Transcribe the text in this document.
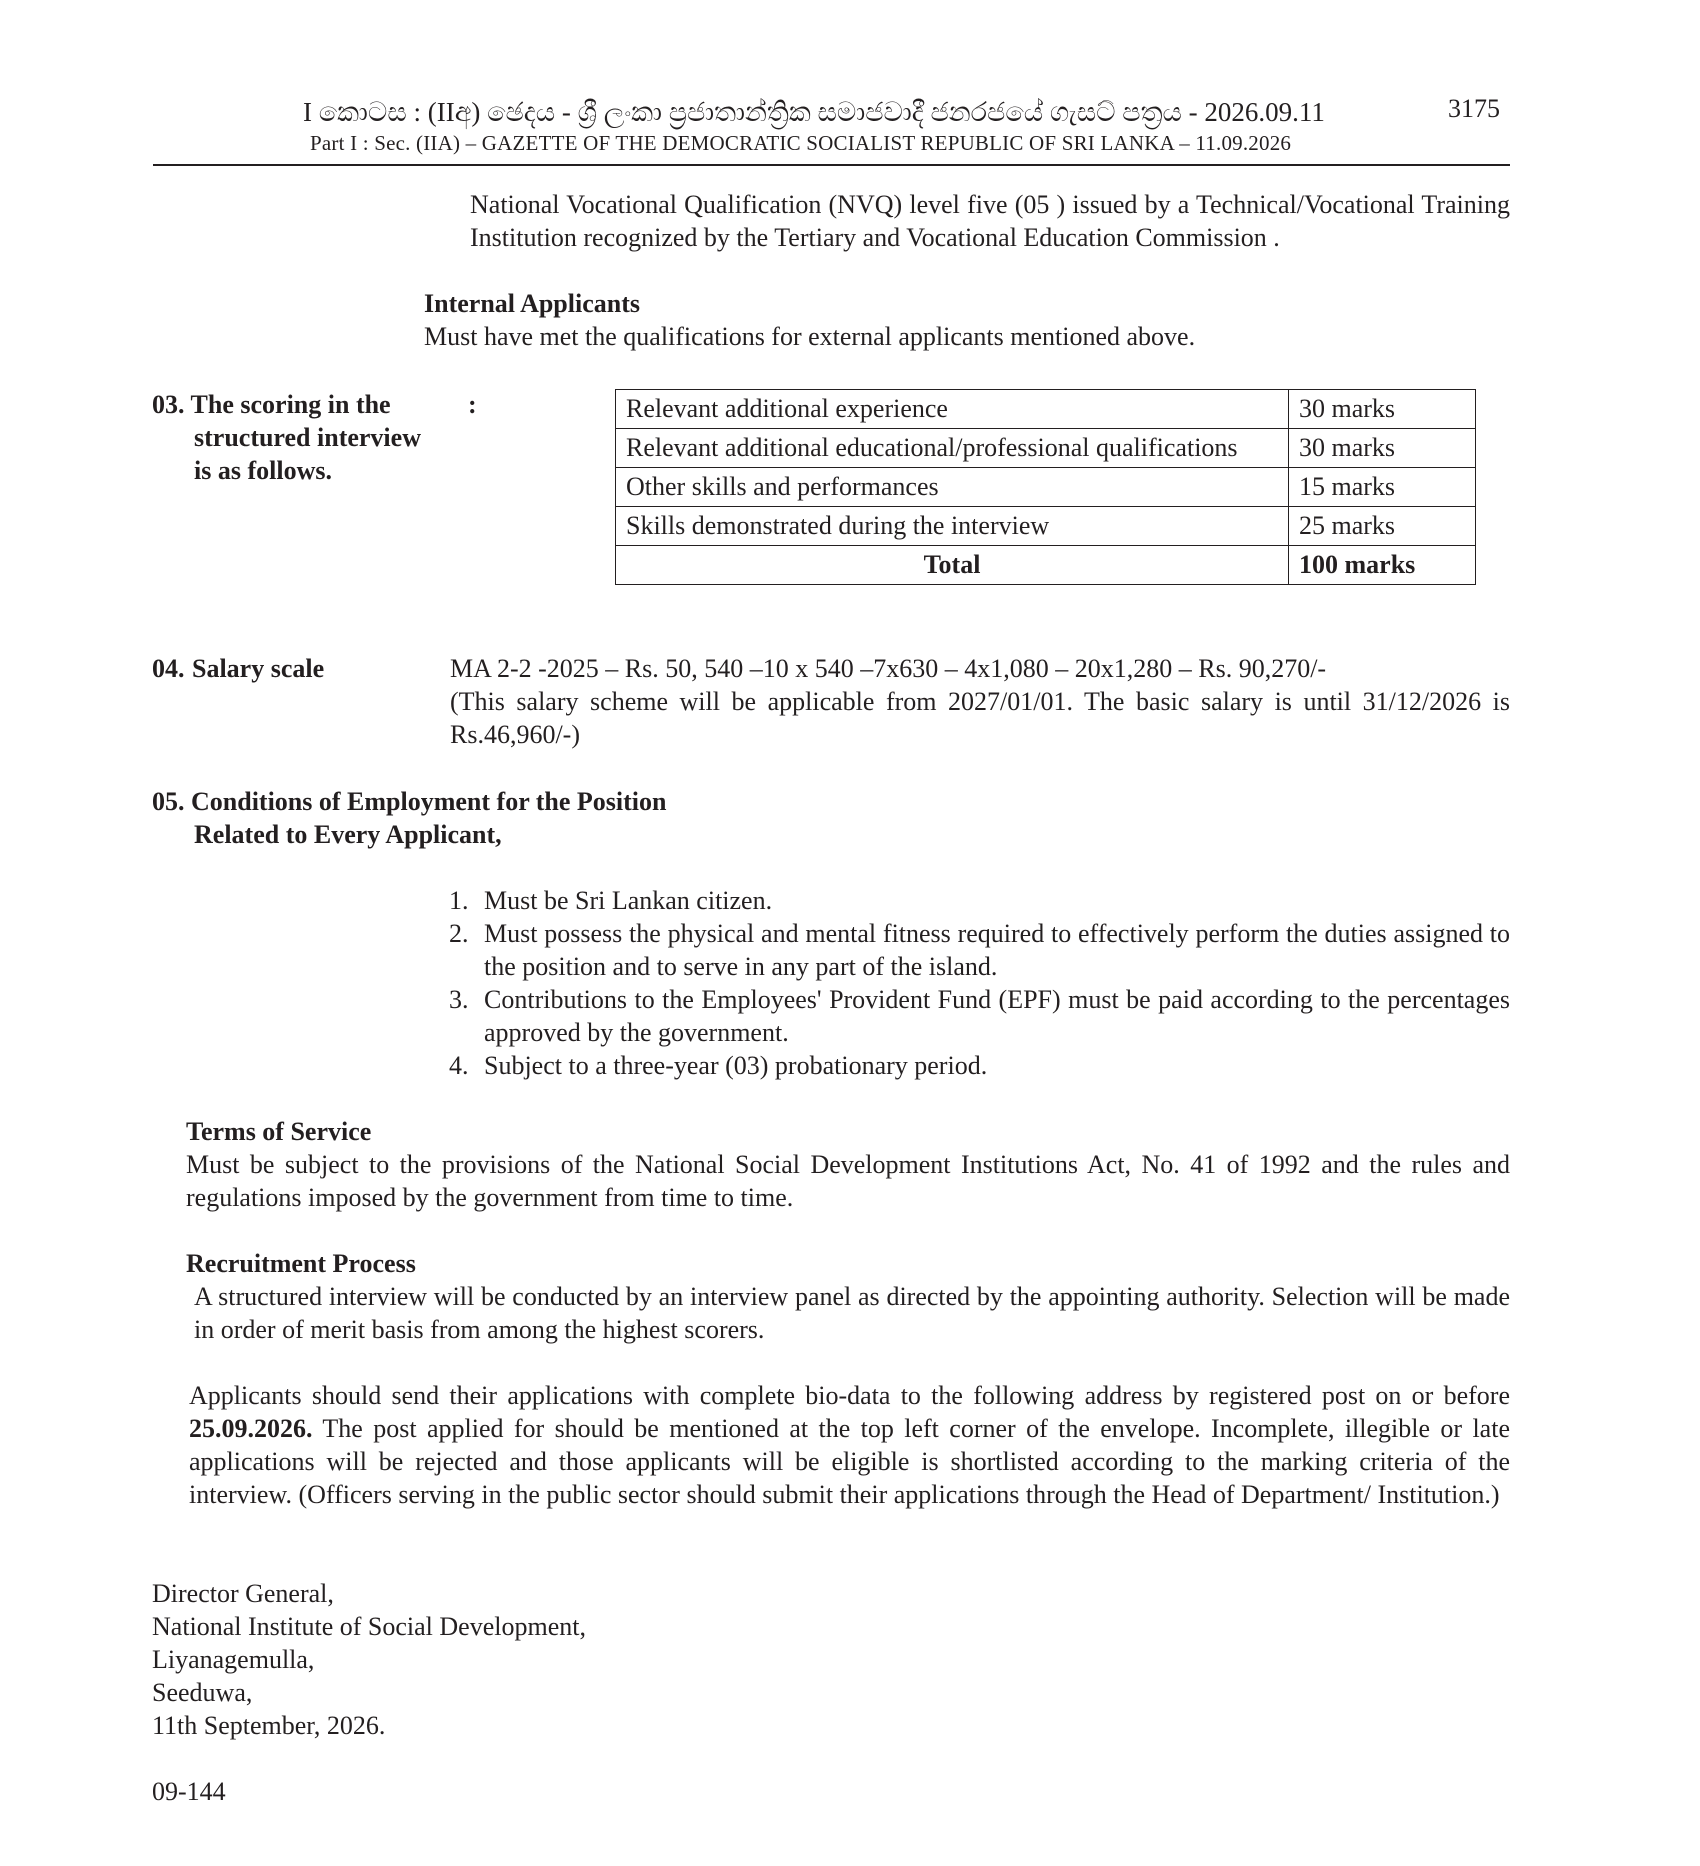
I කොටස : (IIඅ) ඡෙදය - ශ්‍රී ලංකා ප්‍රජාතාන්ත්‍රික සමාජවාදී ජනරජයේ ගැසට් පත්‍රය - 2026.09.11
Part I : Sec. (IIA) – GAZETTE OF THE DEMOCRATIC SOCIALIST REPUBLIC OF SRI LANKA – 11.09.2026
3175
National Vocational Qualification (NVQ) level five (05 ) issued by a Technical/Vocational Training Institution recognized by the Tertiary and Vocational Education Commission .
Internal Applicants
Must have met the qualifications for external applicants mentioned above.
03. The scoring in the
structured interview
is as follows.
:	Relevant additional experience	30 marks
Relevant additional educational/professional qualifications	30 marks
Other skills and performances	15 marks
Skills demonstrated during the interview	25 marks
Total	100 marks
04. Salary scale	MA 2-2 -2025 – Rs. 50, 540 –10 x 540 –7x630 – 4x1,080 – 20x1,280 – Rs. 90,270/-
(This salary scheme will be applicable from 2027/01/01. The basic salary is until 31/12/2026 is Rs.46,960/-)
05. Conditions of Employment for the Position
Related to Every Applicant,
1. Must be Sri Lankan citizen.
2. Must possess the physical and mental fitness required to effectively perform the duties assigned to the position and to serve in any part of the island.
3. Contributions to the Employees' Provident Fund (EPF) must be paid according to the percentages approved by the government.
4. Subject to a three-year (03) probationary period.
Terms of Service
Must be subject to the provisions of the National Social Development Institutions Act, No. 41 of 1992 and the rules and regulations imposed by the government from time to time.
Recruitment Process
A structured interview will be conducted by an interview panel as directed by the appointing authority. Selection will be made in order of merit basis from among the highest scorers.
Applicants should send their applications with complete bio-data to the following address by registered post on or before 25.09.2026. The post applied for should be mentioned at the top left corner of the envelope. Incomplete, illegible or late applications will be rejected and those applicants will be eligible is shortlisted according to the marking criteria of the interview. (Officers serving in the public sector should submit their applications through the Head of Department/ Institution.)
Director General,
National Institute of Social Development,
Liyanagemulla,
Seeduwa,
11th September, 2026.
09-144
